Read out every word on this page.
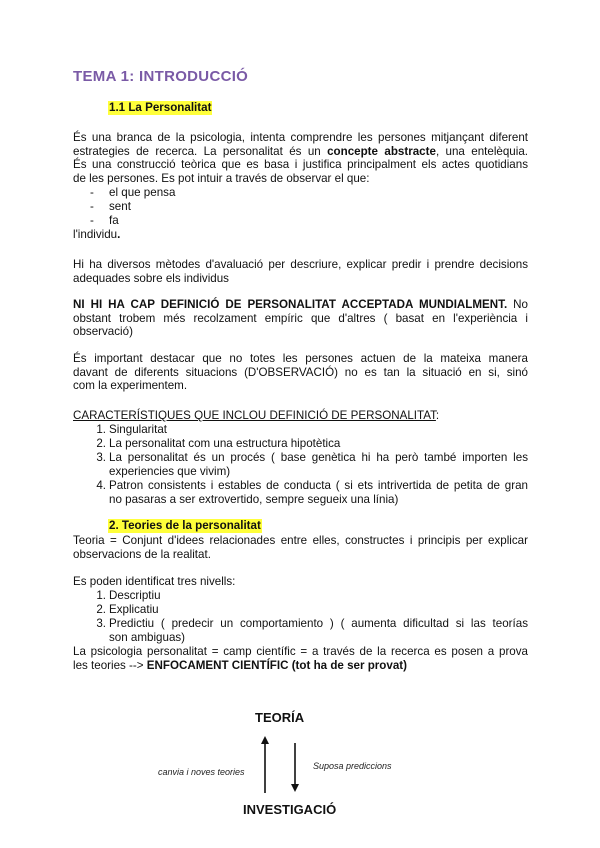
TEMA 1: INTRODUCCIÓ
1.1 La Personalitat
És una branca de la psicologia, intenta comprendre les persones mitjançant diferent
estrategies de recerca. La personalitat és un concepte abstracte, una entelèquia.
És una construcció teòrica que es basa i justifica principalment els actes quotidians
de les persones. Es pot intuir a través de observar el que:
- el que pensa
- sent
- fa
l'individu.
Hi ha diversos mètodes d'avaluació per descriure, explicar predir i prendre decisions
adequades sobre els individus
NI HI HA CAP DEFINICIÓ DE PERSONALITAT ACCEPTADA MUNDIALMENT. No
obstant trobem més recolzament empíric que d'altres ( basat en l'experiència i
observació)
És important destacar que no totes les persones actuen de la mateixa manera
davant de diferents situacions (D'OBSERVACIÓ) no es tan la situació en si, sinó
com la experimentem.
CARACTERÍSTIQUES QUE INCLOU DEFINICIÓ DE PERSONALITAT:
1. Singularitat
2. La personalitat com una estructura hipotètica
3. La personalitat és un procés ( base genètica hi ha però també importen les
experiencies que vivim)
4. Patron consistents i estables de conducta ( si ets intrivertida de petita de gran
no pasaras a ser extrovertido, sempre segueix una línia)
2. Teories de la personalitat
Teoria = Conjunt d'idees relacionades entre elles, constructes i principis per explicar
observacions de la realitat.
Es poden identificat tres nivells:
1. Descriptiu
2. Explicatiu
3. Predictiu ( predecir un comportamiento ) ( aumenta dificultad si las teorías
son ambiguas)
La psicologia personalitat = camp científic = a través de la recerca es posen a prova
les teories --> ENFOCAMENT CIENTÍFIC (tot ha de ser provat)
TEORÍA
INVESTIGACIÓ
canvia i noves teories
Suposa prediccions
